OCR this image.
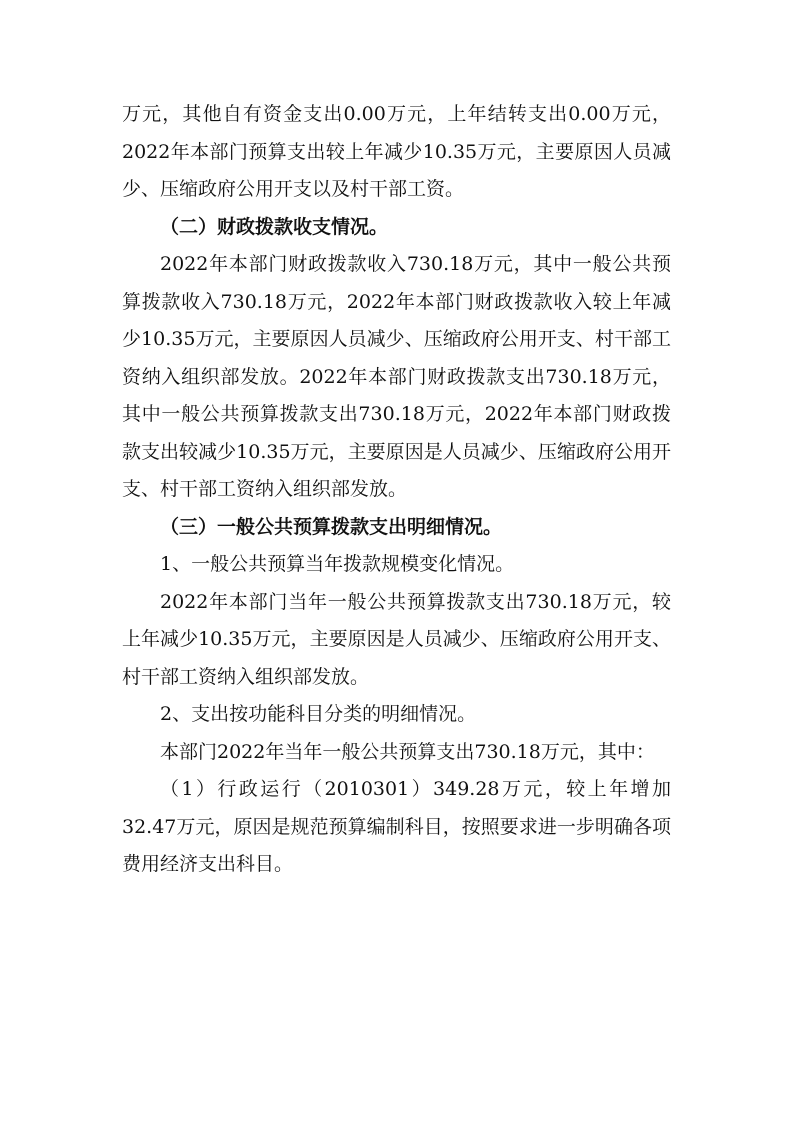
万元，其他自有资金支出0.00万元，上年结转支出0.00万元，2022年本部门预算支出较上年减少10.35万元，主要原因人员减少、压缩政府公用开支以及村干部工资。

（二）财政拨款收支情况。

2022年本部门财政拨款收入730.18万元，其中一般公共预算拨款收入730.18万元，2022年本部门财政拨款收入较上年减少10.35万元，主要原因人员减少、压缩政府公用开支、村干部工资纳入组织部发放。2022年本部门财政拨款支出730.18万元，其中一般公共预算拨款支出730.18万元，2022年本部门财政拨款支出较减少10.35万元，主要原因是人员减少、压缩政府公用开支、村干部工资纳入组织部发放。

（三）一般公共预算拨款支出明细情况。

1、一般公共预算当年拨款规模变化情况。

2022年本部门当年一般公共预算拨款支出730.18万元，较上年减少10.35万元，主要原因是人员减少、压缩政府公用开支、村干部工资纳入组织部发放。

2、支出按功能科目分类的明细情况。

本部门2022年当年一般公共预算支出730.18万元，其中：

（1）行政运行（2010301）349.28万元，较上年增加32.47万元，原因是规范预算编制科目，按照要求进一步明确各项费用经济支出科目。
